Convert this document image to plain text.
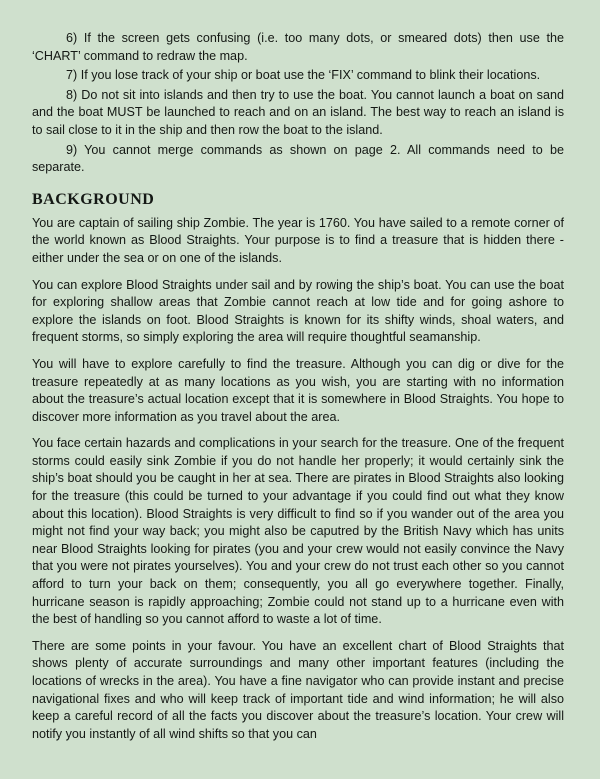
6) If the screen gets confusing (i.e. too many dots, or smeared dots) then use the ‘CHART’ command to redraw the map.

7) If you lose track of your ship or boat use the ‘FIX’ command to blink their locations.

8) Do not sit into islands and then try to use the boat. You cannot launch a boat on sand and the boat MUST be launched to reach and on an island. The best way to reach an island is to sail close to it in the ship and then row the boat to the island.

9) You cannot merge commands as shown on page 2. All commands need to be separate.

BACKGROUND

You are captain of sailing ship Zombie. The year is 1760. You have sailed to a remote corner of the world known as Blood Straights. Your purpose is to find a treasure that is hidden there - either under the sea or on one of the islands.

You can explore Blood Straights under sail and by rowing the ship’s boat. You can use the boat for exploring shallow areas that Zombie cannot reach at low tide and for going ashore to explore the islands on foot. Blood Straights is known for its shifty winds, shoal waters, and frequent storms, so simply exploring the area will require thoughtful seamanship.

You will have to explore carefully to find the treasure. Although you can dig or dive for the treasure repeatedly at as many locations as you wish, you are starting with no information about the treasure’s actual location except that it is somewhere in Blood Straights. You hope to discover more information as you travel about the area.

You face certain hazards and complications in your search for the treasure. One of the frequent storms could easily sink Zombie if you do not handle her properly; it would certainly sink the ship’s boat should you be caught in her at sea. There are pirates in Blood Straights also looking for the treasure (this could be turned to your advantage if you could find out what they know about this location). Blood Straights is very difficult to find so if you wander out of the area you might not find your way back; you might also be caputred by the British Navy which has units near Blood Straights looking for pirates (you and your crew would not easily convince the Navy that you were not pirates yourselves). You and your crew do not trust each other so you cannot afford to turn your back on them; consequently, you all go everywhere together. Finally, hurricane season is rapidly approaching; Zombie could not stand up to a hurricane even with the best of handling so you cannot afford to waste a lot of time.

There are some points in your favour. You have an excellent chart of Blood Straights that shows plenty of accurate surroundings and many other important features (including the locations of wrecks in the area). You have a fine navigator who can provide instant and precise navigational fixes and who will keep track of important tide and wind information; he will also keep a careful record of all the facts you discover about the treasure’s location. Your crew will notify you instantly of all wind shifts so that you can
